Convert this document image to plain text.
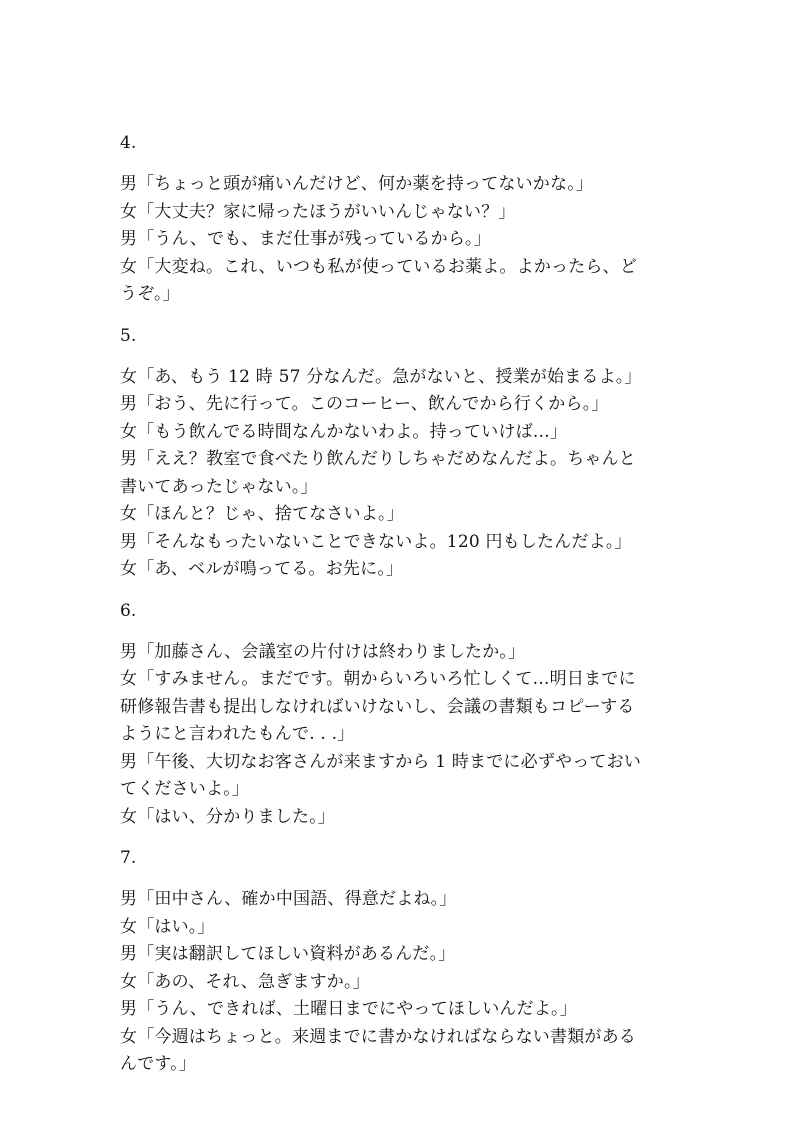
4.
男「ちょっと頭が痛いんだけど、何か薬を持ってないかな。」
女「大丈夫？家に帰ったほうがいいんじゃない？」
男「うん、でも、まだ仕事が残っているから。」
女「大変ね。これ、いつも私が使っているお薬よ。よかったら、ど
うぞ。」
5.
女「あ、もう 12 時 57 分なんだ。急がないと、授業が始まるよ。」
男「おう、先に行って。このコーヒー、飲んでから行くから。」
女「もう飲んでる時間なんかないわよ。持っていけば…」
男「ええ？教室で食べたり飲んだりしちゃだめなんだよ。ちゃんと
書いてあったじゃない。」
女「ほんと？じゃ、捨てなさいよ。」
男「そんなもったいないことできないよ。120 円もしたんだよ。」
女「あ、ベルが鳴ってる。お先に。」
6.
男「加藤さん、会議室の片付けは終わりましたか。」
女「すみません。まだです。朝からいろいろ忙しくて…明日までに
研修報告書も提出しなければいけないし、会議の書類もコピーする
ようにと言われたもんで. . .」
男「午後、大切なお客さんが来ますから 1 時までに必ずやっておい
てくださいよ。」
女「はい、分かりました。」
7.
男「田中さん、確か中国語、得意だよね。」
女「はい。」
男「実は翻訳してほしい資料があるんだ。」
女「あの、それ、急ぎますか。」
男「うん、できれば、土曜日までにやってほしいんだよ。」
女「今週はちょっと。来週までに書かなければならない書類がある
んです。」
